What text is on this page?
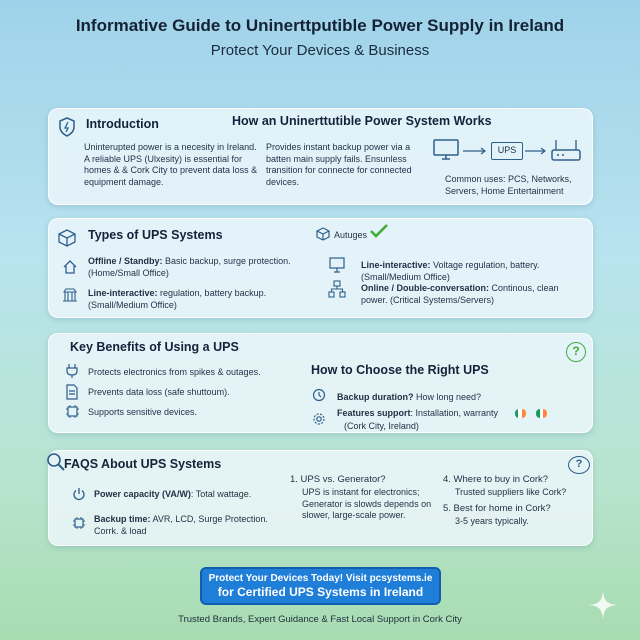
Informative Guide to Uninerttputible Power Supply in Ireland
Protect Your Devices & Business
Introduction
Uninterupted power is a necesity in Ireland. A reliable UPS (Ulxesity) is essential for homes & & Cork City to prevent data loss & equipment damage.
How an Uninerttutible Power System Works
Provides instant backup power via a batten main supply fails. Ensunless transition for connecte for connected devices.
UPS
Common uses: PCS, Networks, Servers, Home Entertainment
Types of UPS Systems	Autuges
Offline / Standby: Basic backup, surge protection. (Home/Small Office)
Line-interactive: regulation, battery backup. (Small/Medium Office)
Line-interactive: Voltage regulation, battery. (Small/Medium Office)
Online / Double-conversation: Continous, clean power. (Critical Systems/Servers)
Key Benefits of Using a UPS	?
Protects electronics from spikes & outages.
Prevents data loss (safe shuttoum).
Supports sensitive devices.
How to Choose the Right UPS
Backup duration? How long need?
Features support: Installation, warranty
(Cork City, Ireland)
FAQS About UPS Systems	?
Power capacity (VA/W): Total wattage.
Backup time: AVR, LCD, Surge Protection.
Corrk. & load
1. UPS vs. Generator?
UPS is instant for electronics; Generator is slowds depends on slower, large-scale power.
4. Where to buy in Cork?
Trusted suppliers like Cork?
5. Best for home in Cork?
3-5 years typically.
Protect Your Devices Today! Visit pcsystems.ie
for Certified UPS Systems in Ireland
Trusted Brands, Expert Guidance & Fast Local Support in Cork City
